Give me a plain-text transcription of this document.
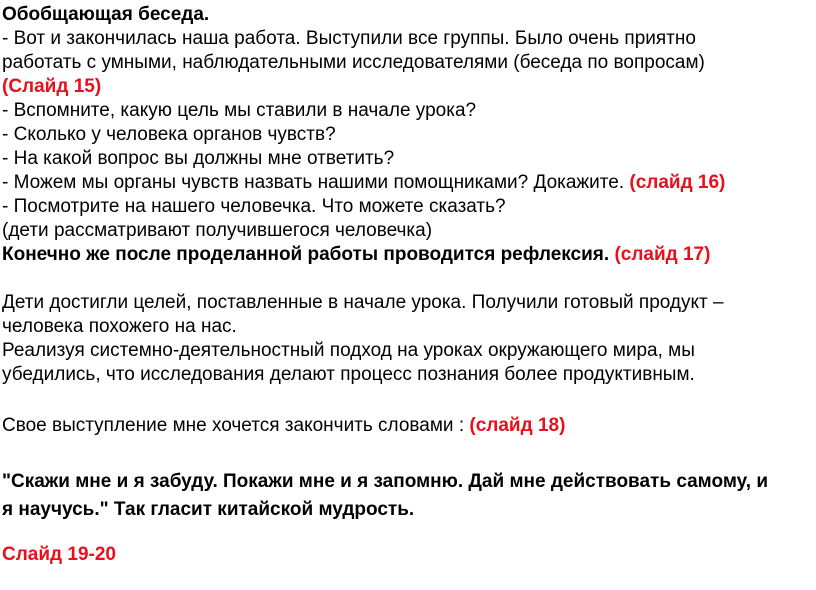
Обобщающая беседа.
- Вот и закончилась наша работа. Выступили все группы. Было очень приятно
работать с умными, наблюдательными исследователями (беседа по вопросам)
(Слайд 15)
- Вспомните, какую цель мы ставили в начале урока?
- Сколько у человека органов чувств?
- На какой вопрос вы должны мне ответить?
- Можем мы органы чувств назвать нашими помощниками? Докажите. (слайд 16)
- Посмотрите на нашего человечка. Что можете сказать?
(дети рассматривают получившегося человечка)
Конечно же после проделанной работы проводится рефлексия. (слайд 17)
Дети достигли целей, поставленные в начале урока. Получили готовый продукт –
человека похожего на нас.
Реализуя системно-деятельностный подход на уроках окружающего мира, мы
убедились, что исследования делают процесс познания более продуктивным.
Свое выступление мне хочется закончить словами : (слайд 18)
"Скажи мне и я забуду. Покажи мне и я запомню. Дай мне действовать самому, и
я научусь." Так гласит китайской мудрость.
Слайд 19-20
